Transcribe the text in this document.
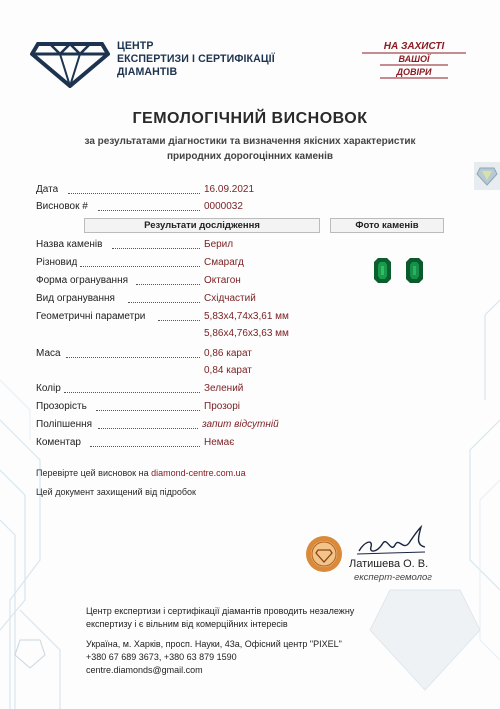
ЦЕНТР
ЕКСПЕРТИЗИ І СЕРТИФІКАЦІЇ
ДІАМАНТІВ
НА ЗАХИСТІ
ВАШОЇ
ДОВІРИ
ГЕМОЛОГІЧНИЙ ВИСНОВОК
за результатами діагностики та визначення якісних характеристик
природних дорогоцінних каменів
Дата	16.09.2021
Висновок #	0000032
Результати дослідження	Фото каменів
Назва каменів	Берил
Різновид	Смарагд
Форма огранування	Октагон
Вид огранування	Східчастий
Геометричні параметри	5,83х4,74х3,61 мм
5,86х4,76х3,63 мм
Маса	0,86 карат
0,84 карат
Колір	Зелений
Прозорість	Прозорі
Поліпшення	запит відсутній
Коментар	Немає
Перевірте цей висновок на diamond-centre.com.ua
Цей документ захищений від підробок
Латишева О. В.
експерт-гемолог
Центр експертизи і сертифікації діамантів проводить незалежну
експертизу і є вільним від комерційних інтересів
Україна, м. Харків, просп. Науки, 43а, Офісний центр "PIXEL"
+380 67 689 3673, +380 63 879 1590
centre.diamonds@gmail.com
